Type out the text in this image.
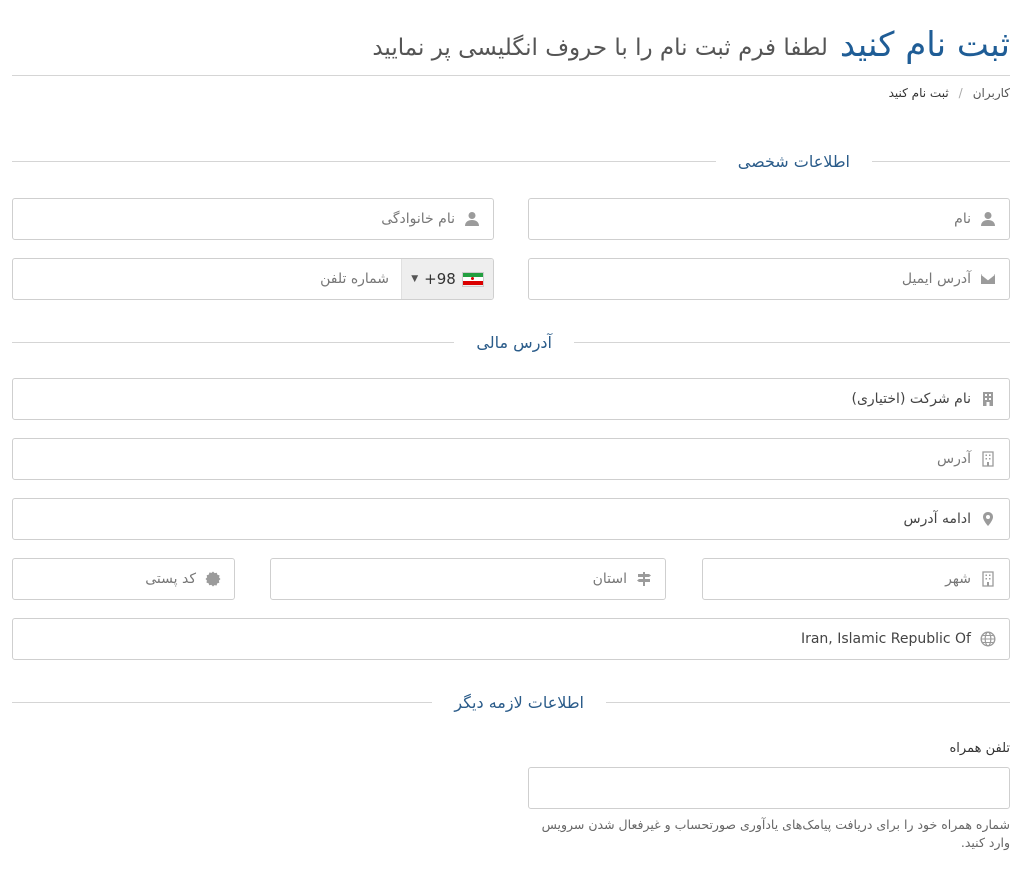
ثبت نام کنید
لطفا فرم ثبت نام را با حروف انگلیسی پر نمایید
کاربران
/
ثبت نام کنید
اطلاعات شخصی
نام
نام خانوادگی
آدرس ایمیل
▼ +98
شماره تلفن
آدرس مالی
نام شرکت (اختیاری)
آدرس
ادامه آدرس
شهر
استان
کد پستی
Iran, Islamic Republic Of
اطلاعات لازمه دیگر
تلفن همراه
شماره همراه خود را برای دریافت پیامک‌های یادآوری صورتحساب و غیرفعال شدن سرویس وارد کنید.
